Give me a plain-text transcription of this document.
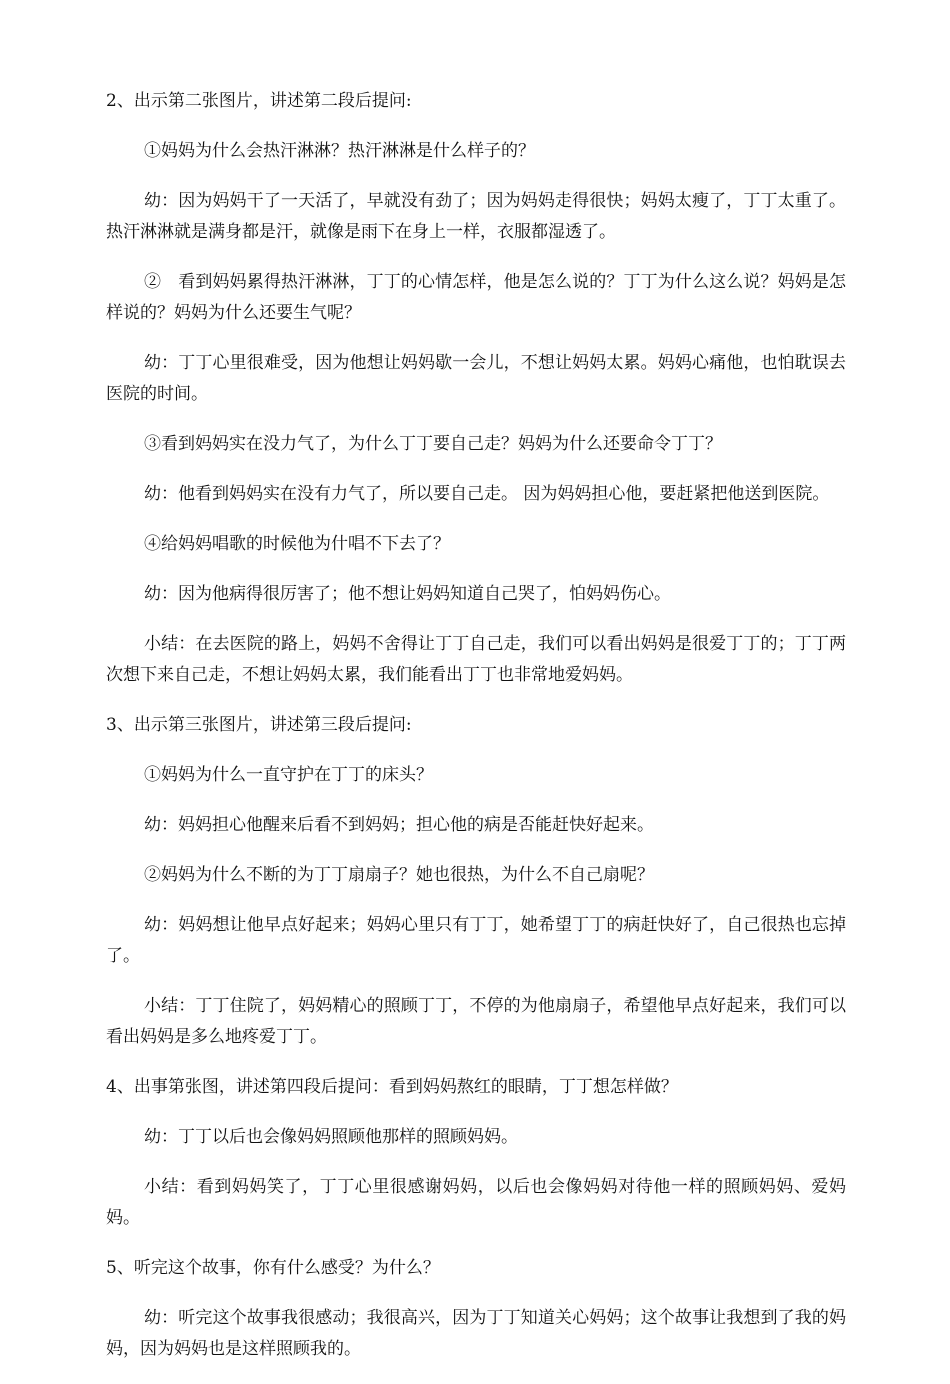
2、出示第二张图片，讲述第二段后提问:

①妈妈为什么会热汗淋淋？热汗淋淋是什么样子的？

幼：因为妈妈干了一天活了，早就没有劲了；因为妈妈走得很快；妈妈太瘦了，丁丁太重了。热汗淋淋就是满身都是汗，就像是雨下在身上一样，衣服都湿透了。

②　看到妈妈累得热汗淋淋，丁丁的心情怎样，他是怎么说的？丁丁为什么这么说？妈妈是怎样说的？妈妈为什么还要生气呢？

幼：丁丁心里很难受，因为他想让妈妈歇一会儿，不想让妈妈太累。妈妈心痛他，也怕耽误去医院的时间。

③看到妈妈实在没力气了，为什么丁丁要自己走？妈妈为什么还要命令丁丁？

幼：他看到妈妈实在没有力气了，所以要自己走。 因为妈妈担心他，要赶紧把他送到医院。

④给妈妈唱歌的时候他为什唱不下去了？

幼：因为他病得很厉害了；他不想让妈妈知道自己哭了，怕妈妈伤心。

小结：在去医院的路上，妈妈不舍得让丁丁自己走，我们可以看出妈妈是很爱丁丁的；丁丁两次想下来自己走，不想让妈妈太累，我们能看出丁丁也非常地爱妈妈。

3、出示第三张图片，讲述第三段后提问:

①妈妈为什么一直守护在丁丁的床头？

幼：妈妈担心他醒来后看不到妈妈；担心他的病是否能赶快好起来。

②妈妈为什么不断的为丁丁扇扇子？她也很热，为什么不自己扇呢？

幼：妈妈想让他早点好起来；妈妈心里只有丁丁，她希望丁丁的病赶快好了，自己很热也忘掉了。

小结：丁丁住院了，妈妈精心的照顾丁丁，不停的为他扇扇子，希望他早点好起来，我们可以看出妈妈是多么地疼爱丁丁。

4、出事第张图，讲述第四段后提问：看到妈妈熬红的眼睛，丁丁想怎样做？

幼：丁丁以后也会像妈妈照顾他那样的照顾妈妈。

小结：看到妈妈笑了，丁丁心里很感谢妈妈，以后也会像妈妈对待他一样的照顾妈妈、爱妈妈。

5、听完这个故事，你有什么感受？为什么？

幼：听完这个故事我很感动；我很高兴，因为丁丁知道关心妈妈；这个故事让我想到了我的妈妈，因为妈妈也是这样照顾我的。
